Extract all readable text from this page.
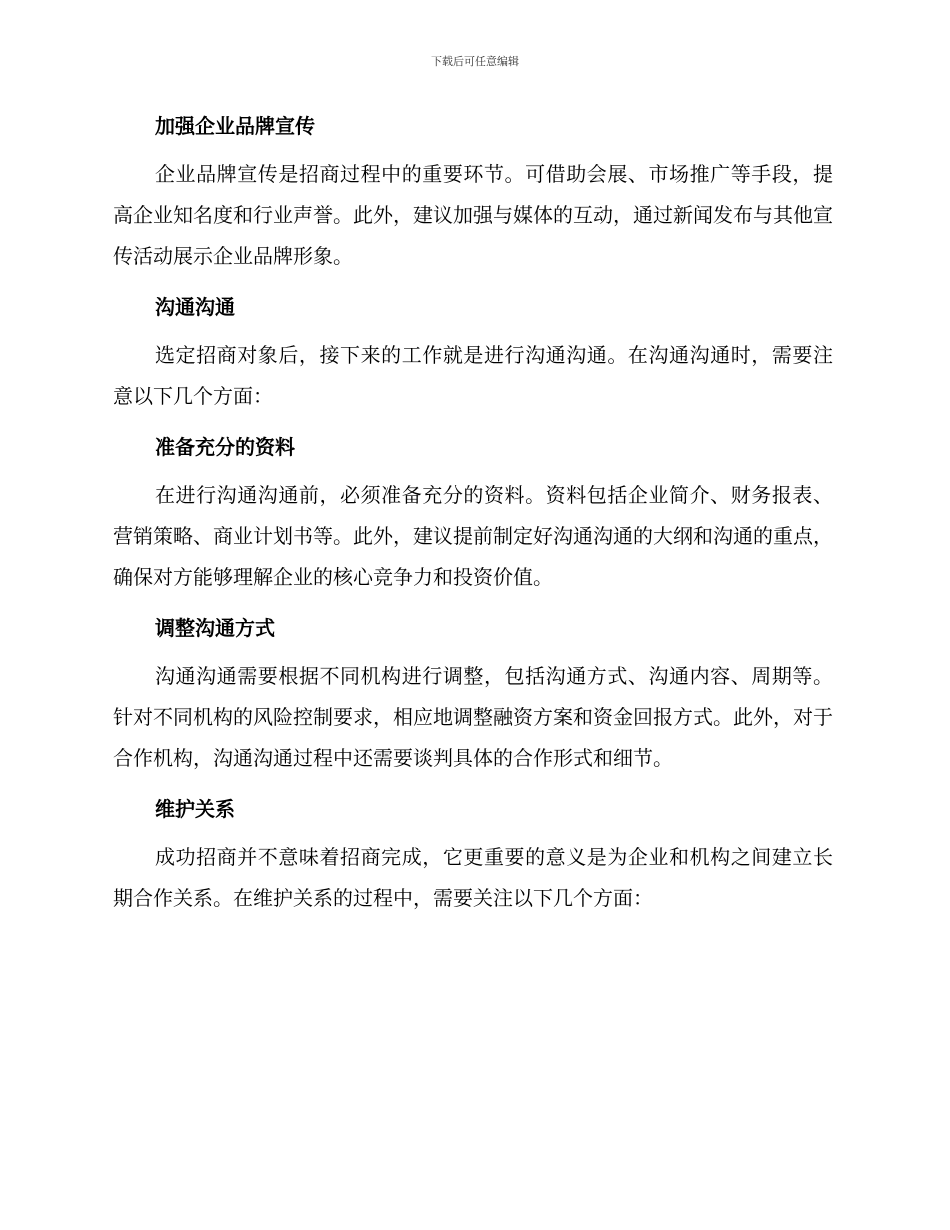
下载后可任意编辑
加强企业品牌宣传

企业品牌宣传是招商过程中的重要环节。可借助会展、市场推广等手段，提高企业知名度和行业声誉。此外，建议加强与媒体的互动，通过新闻发布与其他宣传活动展示企业品牌形象。

沟通沟通

选定招商对象后，接下来的工作就是进行沟通沟通。在沟通沟通时，需要注意以下几个方面：

准备充分的资料

在进行沟通沟通前，必须准备充分的资料。资料包括企业简介、财务报表、营销策略、商业计划书等。此外，建议提前制定好沟通沟通的大纲和沟通的重点，确保对方能够理解企业的核心竞争力和投资价值。

调整沟通方式

沟通沟通需要根据不同机构进行调整，包括沟通方式、沟通内容、周期等。针对不同机构的风险控制要求，相应地调整融资方案和资金回报方式。此外，对于合作机构，沟通沟通过程中还需要谈判具体的合作形式和细节。

维护关系

成功招商并不意味着招商完成，它更重要的意义是为企业和机构之间建立长期合作关系。在维护关系的过程中，需要关注以下几个方面：
